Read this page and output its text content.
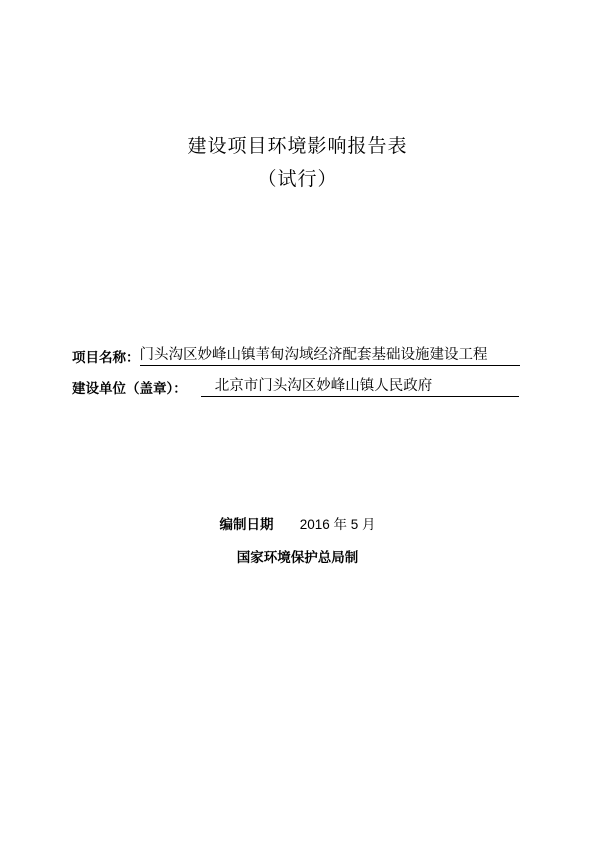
建设项目环境影响报告表
（试行）
项目名称： 门头沟区妙峰山镇苇甸沟域经济配套基础设施建设工程
建设单位（盖章）：	北京市门头沟区妙峰山镇人民政府
编制日期 2016 年 5 月
国家环境保护总局制
